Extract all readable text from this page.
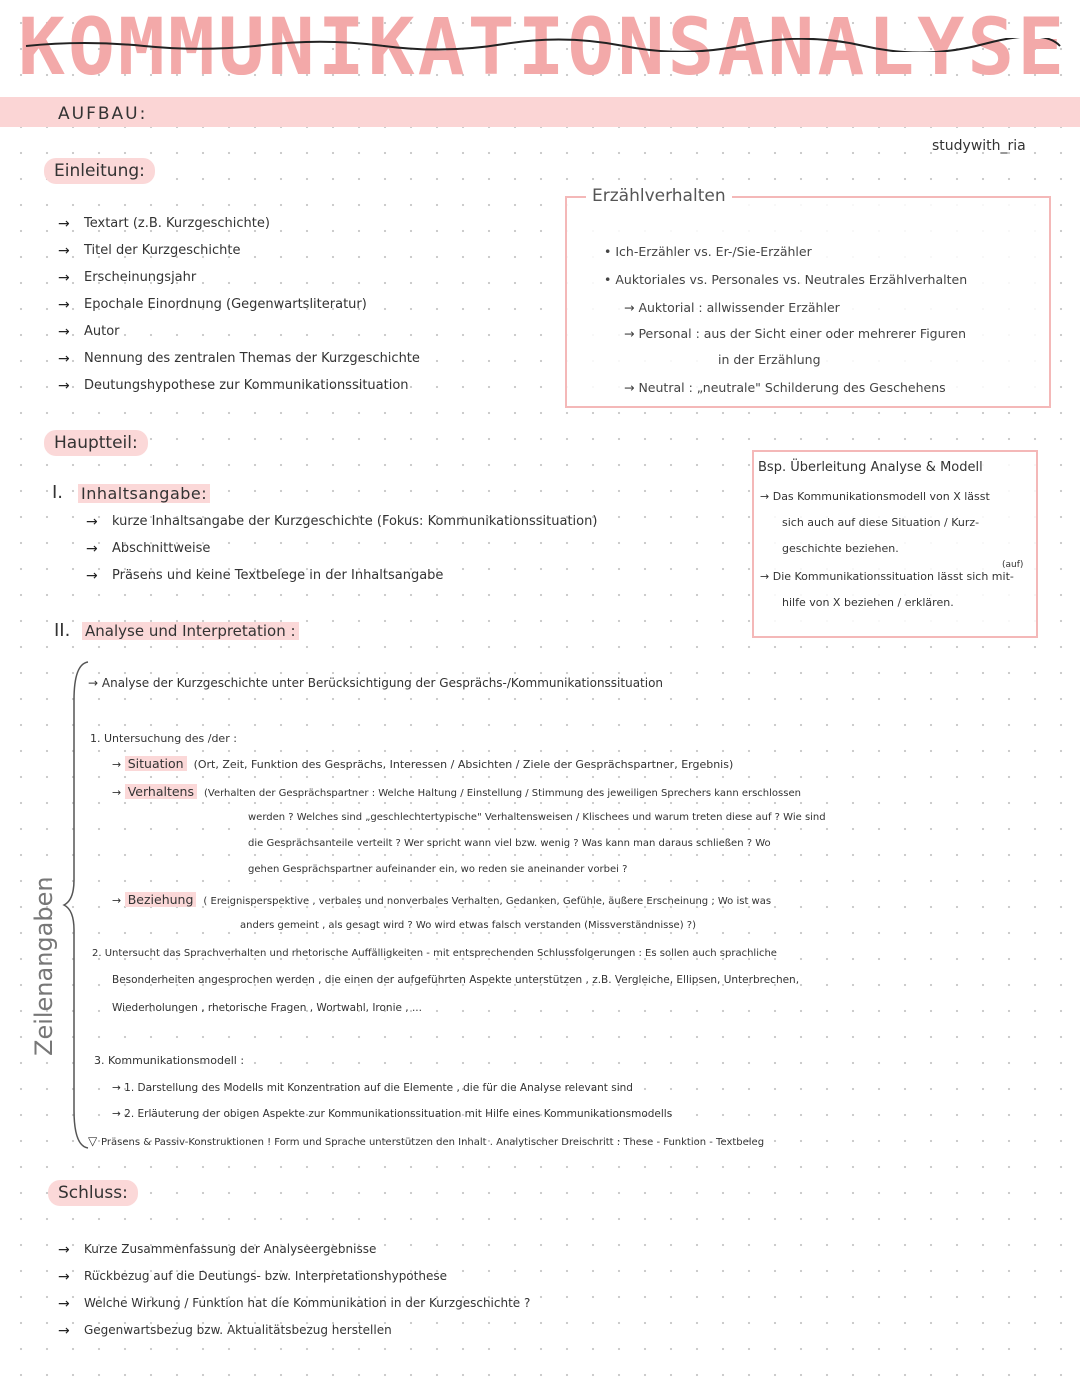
KOMMUNIKATIONSANALYSE
AUFBAU:
studywith_ria
Einleitung:
→ Textart (z.B. Kurzgeschichte)
→ Titel der Kurzgeschichte
→ Erscheinungsjahr
→ Epochale Einordnung (Gegenwartsliteratur)
→ Autor
→ Nennung des zentralen Themas der Kurzgeschichte
→ Deutungshypothese zur Kommunikationssituation
Erzählverhalten
• Ich-Erzähler vs. Er-/Sie-Erzähler
• Auktoriales vs. Personales vs. Neutrales Erzählverhalten
→ Auktorial : allwissender Erzähler
→ Personal : aus der Sicht einer oder mehrerer Figuren
in der Erzählung
→ Neutral : „neutrale" Schilderung des Geschehens
Hauptteil:
I. Inhaltsangabe:
→ kurze Inhaltsangabe der Kurzgeschichte (Fokus: Kommunikationssituation)
→ Abschnittweise
→ Präsens und keine Textbelege in der Inhaltsangabe
Bsp. Überleitung Analyse & Modell
→ Das Kommunikationsmodell von X lässt
sich auch auf diese Situation / Kurz-
geschichte beziehen.
(auf)
→ Die Kommunikationssituation lässt sich mit-
hilfe von X beziehen / erklären.
II. Analyse und Interpretation :
Zeilenangaben
→ Analyse der Kurzgeschichte unter Berücksichtigung der Gesprächs-/Kommunikationssituation
1. Untersuchung des /der :
→ Situation (Ort, Zeit, Funktion des Gesprächs, Interessen / Absichten / Ziele der Gesprächspartner, Ergebnis)
→ Verhaltens (Verhalten der Gesprächspartner : Welche Haltung / Einstellung / Stimmung des jeweiligen Sprechers kann erschlossen
werden ? Welches sind „geschlechtertypische" Verhaltensweisen / Klischees und warum treten diese auf ? Wie sind
die Gesprächsanteile verteilt ? Wer spricht wann viel bzw. wenig ? Was kann man daraus schließen ? Wo
gehen Gesprächspartner aufeinander ein, wo reden sie aneinander vorbei ?
→ Beziehung ( Ereignisperspektive , verbales und nonverbales Verhalten, Gedanken, Gefühle, äußere Erscheinung ; Wo ist was
anders gemeint , als gesagt wird ? Wo wird etwas falsch verstanden (Missverständnisse) ?)
2. Untersucht das Sprachverhalten und rhetorische Auffälligkeiten - mit entsprechenden Schlussfolgerungen : Es sollen auch sprachliche
Besonderheiten angesprochen werden , die einen der aufgeführten Aspekte unterstützen , z.B. Vergleiche, Ellipsen, Unterbrechen,
Wiederholungen , rhetorische Fragen , Wortwahl, Ironie , ...
3. Kommunikationsmodell :
→ 1. Darstellung des Modells mit Konzentration auf die Elemente , die für die Analyse relevant sind
→ 2. Erläuterung der obigen Aspekte zur Kommunikationssituation mit Hilfe eines Kommunikationsmodells
▽ Präsens & Passiv-Konstruktionen ! Form und Sprache unterstützen den Inhalt . Analytischer Dreischritt : These - Funktion - Textbeleg
Schluss:
→ Kurze Zusammenfassung der Analyseergebnisse
→ Rückbezug auf die Deutungs- bzw. Interpretationshypothese
→ Welche Wirkung / Funktion hat die Kommunikation in der Kurzgeschichte ?
→ Gegenwartsbezug bzw. Aktualitätsbezug herstellen
